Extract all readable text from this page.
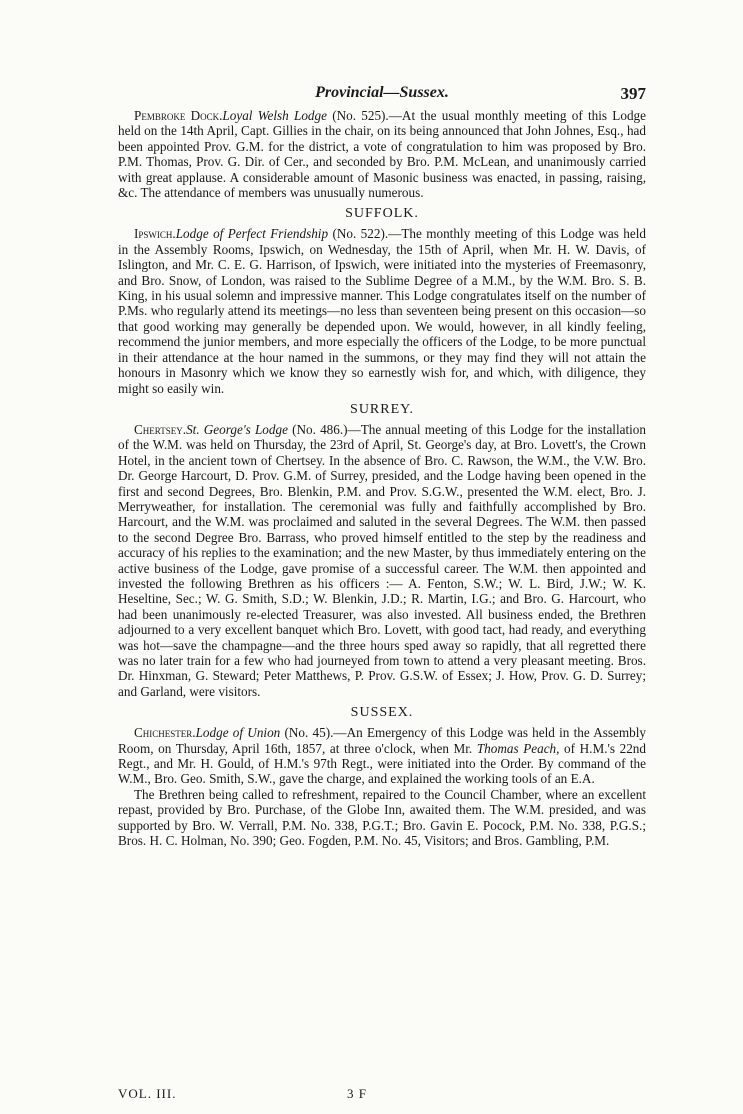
Provincial—Sussex.	397

Pembroke Dock.Loyal Welsh Lodge (No. 525).—At the usual monthly meeting of this Lodge held on the 14th April, Capt. Gillies in the chair, on its being announced that John Johnes, Esq., had been appointed Prov. G.M. for the district, a vote of congratulation to him was proposed by Bro. P.M. Thomas, Prov. G. Dir. of Cer., and seconded by Bro. P.M. McLean, and unanimously carried with great applause. A considerable amount of Masonic business was enacted, in passing, raising, &c. The attendance of members was unusually numerous.

SUFFOLK.

Ipswich.Lodge of Perfect Friendship (No. 522).—The monthly meeting of this Lodge was held in the Assembly Rooms, Ipswich, on Wednesday, the 15th of April, when Mr. H. W. Davis, of Islington, and Mr. C. E. G. Harrison, of Ipswich, were initiated into the mysteries of Freemasonry, and Bro. Snow, of London, was raised to the Sublime Degree of a M.M., by the W.M. Bro. S. B. King, in his usual solemn and impressive manner. This Lodge congratulates itself on the number of P.Ms. who regularly attend its meetings—no less than seventeen being present on this occasion—so that good working may generally be depended upon. We would, however, in all kindly feeling, recommend the junior members, and more especially the officers of the Lodge, to be more punctual in their attendance at the hour named in the summons, or they may find they will not attain the honours in Masonry which we know they so earnestly wish for, and which, with diligence, they might so easily win.

SURREY.

Chertsey.St. George's Lodge (No. 486.)—The annual meeting of this Lodge for the installation of the W.M. was held on Thursday, the 23rd of April, St. George's day, at Bro. Lovett's, the Crown Hotel, in the ancient town of Chertsey. In the absence of Bro. C. Rawson, the W.M., the V.W. Bro. Dr. George Harcourt, D. Prov. G.M. of Surrey, presided, and the Lodge having been opened in the first and second Degrees, Bro. Blenkin, P.M. and Prov. S.G.W., presented the W.M. elect, Bro. J. Merryweather, for installation. The ceremonial was fully and faithfully accomplished by Bro. Harcourt, and the W.M. was proclaimed and saluted in the several Degrees. The W.M. then passed to the second Degree Bro. Barrass, who proved himself entitled to the step by the readiness and accuracy of his replies to the examination; and the new Master, by thus immediately entering on the active business of the Lodge, gave promise of a successful career. The W.M. then appointed and invested the following Brethren as his officers :— A. Fenton, S.W.; W. L. Bird, J.W.; W. K. Heseltine, Sec.; W. G. Smith, S.D.; W. Blenkin, J.D.; R. Martin, I.G.; and Bro. G. Harcourt, who had been unanimously re-elected Treasurer, was also invested. All business ended, the Brethren adjourned to a very excellent banquet which Bro. Lovett, with good tact, had ready, and everything was hot—save the champagne—and the three hours sped away so rapidly, that all regretted there was no later train for a few who had journeyed from town to attend a very pleasant meeting. Bros. Dr. Hinxman, G. Steward; Peter Matthews, P. Prov. G.S.W. of Essex; J. How, Prov. G. D. Surrey; and Garland, were visitors.

SUSSEX.

Chichester.Lodge of Union (No. 45).—An Emergency of this Lodge was held in the Assembly Room, on Thursday, April 16th, 1857, at three o'clock, when Mr. Thomas Peach, of H.M.'s 22nd Regt., and Mr. H. Gould, of H.M.'s 97th Regt., were initiated into the Order. By command of the W.M., Bro. Geo. Smith, S.W., gave the charge, and explained the working tools of an E.A.

The Brethren being called to refreshment, repaired to the Council Chamber, where an excellent repast, provided by Bro. Purchase, of the Globe Inn, awaited them. The W.M. presided, and was supported by Bro. W. Verrall, P.M. No. 338, P.G.T.; Bro. Gavin E. Pocock, P.M. No. 338, P.G.S.; Bros. H. C. Holman, No. 390; Geo. Fogden, P.M. No. 45, Visitors; and Bros. Gambling, P.M.

VOL. III.	3 F
